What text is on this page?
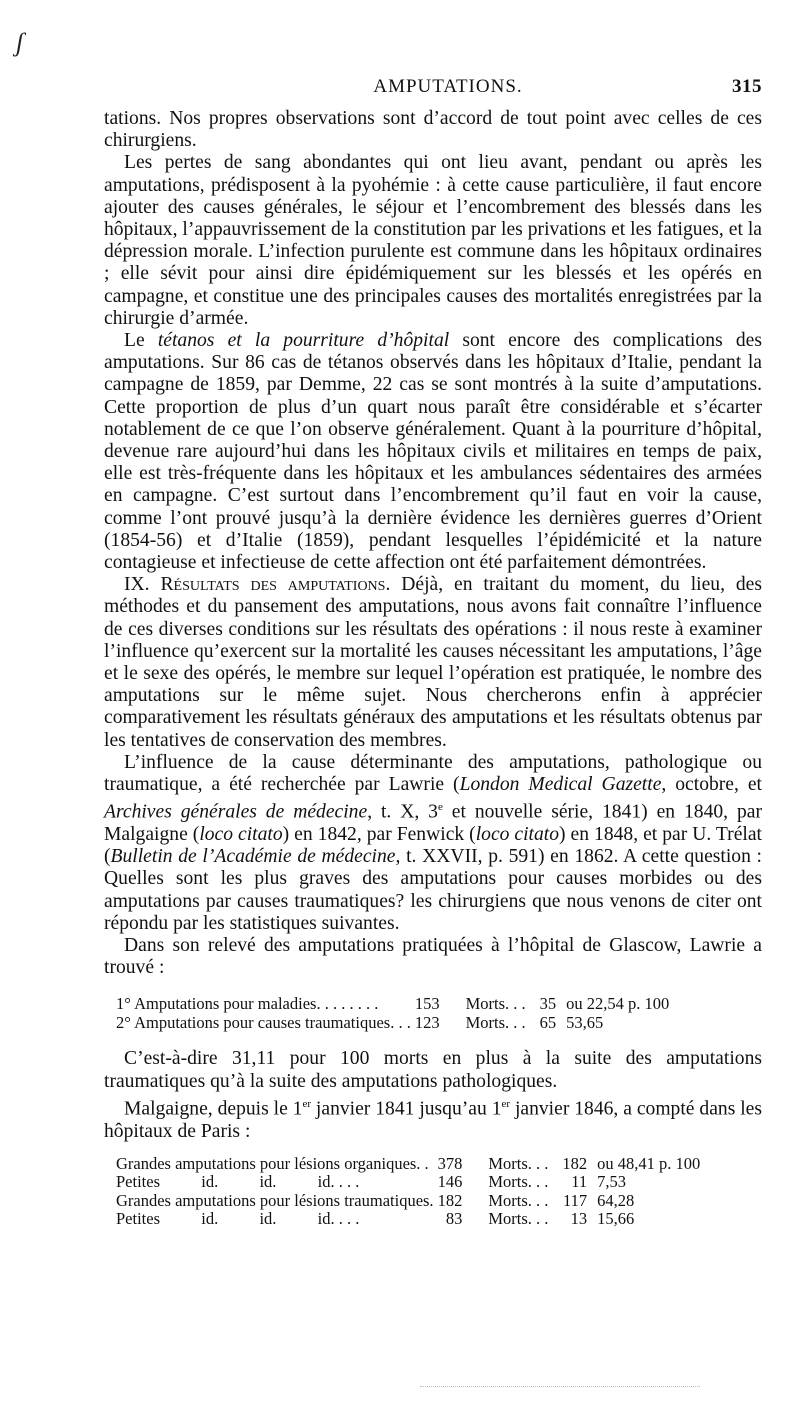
ʃ
AMPUTATIONS.	315

tations. Nos propres observations sont d’accord de tout point avec celles de ces chirurgiens.

Les pertes de sang abondantes qui ont lieu avant, pendant ou après les amputations, prédisposent à la pyohémie : à cette cause particulière, il faut encore ajouter des causes générales, le séjour et l’encombrement des blessés dans les hôpitaux, l’appauvrissement de la constitution par les privations et les fatigues, et la dépression morale. L’infection purulente est commune dans les hôpitaux ordinaires ; elle sévit pour ainsi dire épidémiquement sur les blessés et les opérés en campagne, et constitue une des principales causes des mortalités enregistrées par la chirurgie d’armée.

Le tétanos et la pourriture d’hôpital sont encore des complications des amputations. Sur 86 cas de tétanos observés dans les hôpitaux d’Italie, pendant la campagne de 1859, par Demme, 22 cas se sont montrés à la suite d’amputations. Cette proportion de plus d’un quart nous paraît être considérable et s’écarter notablement de ce que l’on observe généralement. Quant à la pourriture d’hôpital, devenue rare aujourd’hui dans les hôpitaux civils et militaires en temps de paix, elle est très-fréquente dans les hôpitaux et les ambulances sédentaires des armées en campagne. C’est surtout dans l’encombrement qu’il faut en voir la cause, comme l’ont prouvé jusqu’à la dernière évidence les dernières guerres d’Orient (1854-56) et d’Italie (1859), pendant lesquelles l’épidémicité et la nature contagieuse et infectieuse de cette affection ont été parfaitement démontrées.

IX. Résultats des amputations. Déjà, en traitant du moment, du lieu, des méthodes et du pansement des amputations, nous avons fait connaître l’influence de ces diverses conditions sur les résultats des opérations : il nous reste à examiner l’influence qu’exercent sur la mortalité les causes nécessitant les amputations, l’âge et le sexe des opérés, le membre sur lequel l’opération est pratiquée, le nombre des amputations sur le même sujet. Nous chercherons enfin à apprécier comparativement les résultats généraux des amputations et les résultats obtenus par les tentatives de conservation des membres.

L’influence de la cause déterminante des amputations, pathologique ou traumatique, a été recherchée par Lawrie (London Medical Gazette, octobre, et Archives générales de médecine, t. X, 3e et nouvelle série, 1841) en 1840, par Malgaigne (loco citato) en 1842, par Fenwick (loco citato) en 1848, et par U. Trélat (Bulletin de l’Académie de médecine, t. XXVII, p. 591) en 1862. A cette question : Quelles sont les plus graves des amputations pour causes morbides ou des amputations par causes traumatiques? les chirurgiens que nous venons de citer ont répondu par les statistiques suivantes.

Dans son relevé des amputations pratiquées à l’hôpital de Glascow, Lawrie a trouvé :

1° Amputations pour maladies. . . . . . . .	153	Morts. . .	35	ou 22,54 p. 100
2° Amputations pour causes traumatiques. . .	123	Morts. . .	65	53,65

C’est-à-dire 31,11 pour 100 morts en plus à la suite des amputations traumatiques qu’à la suite des amputations pathologiques.

Malgaigne, depuis le 1er janvier 1841 jusqu’au 1er janvier 1846, a compté dans les hôpitaux de Paris :

Grandes amputations pour lésions organiques. .	378	Morts. . .	182	ou 48,41 p. 100
Petites          id.          id.          id. . . .	146	Morts. . .	11	7,53
Grandes amputations pour lésions traumatiques.	182	Morts. . .	117	64,28
Petites          id.          id.          id. . . .	83	Morts. . .	13	15,66
